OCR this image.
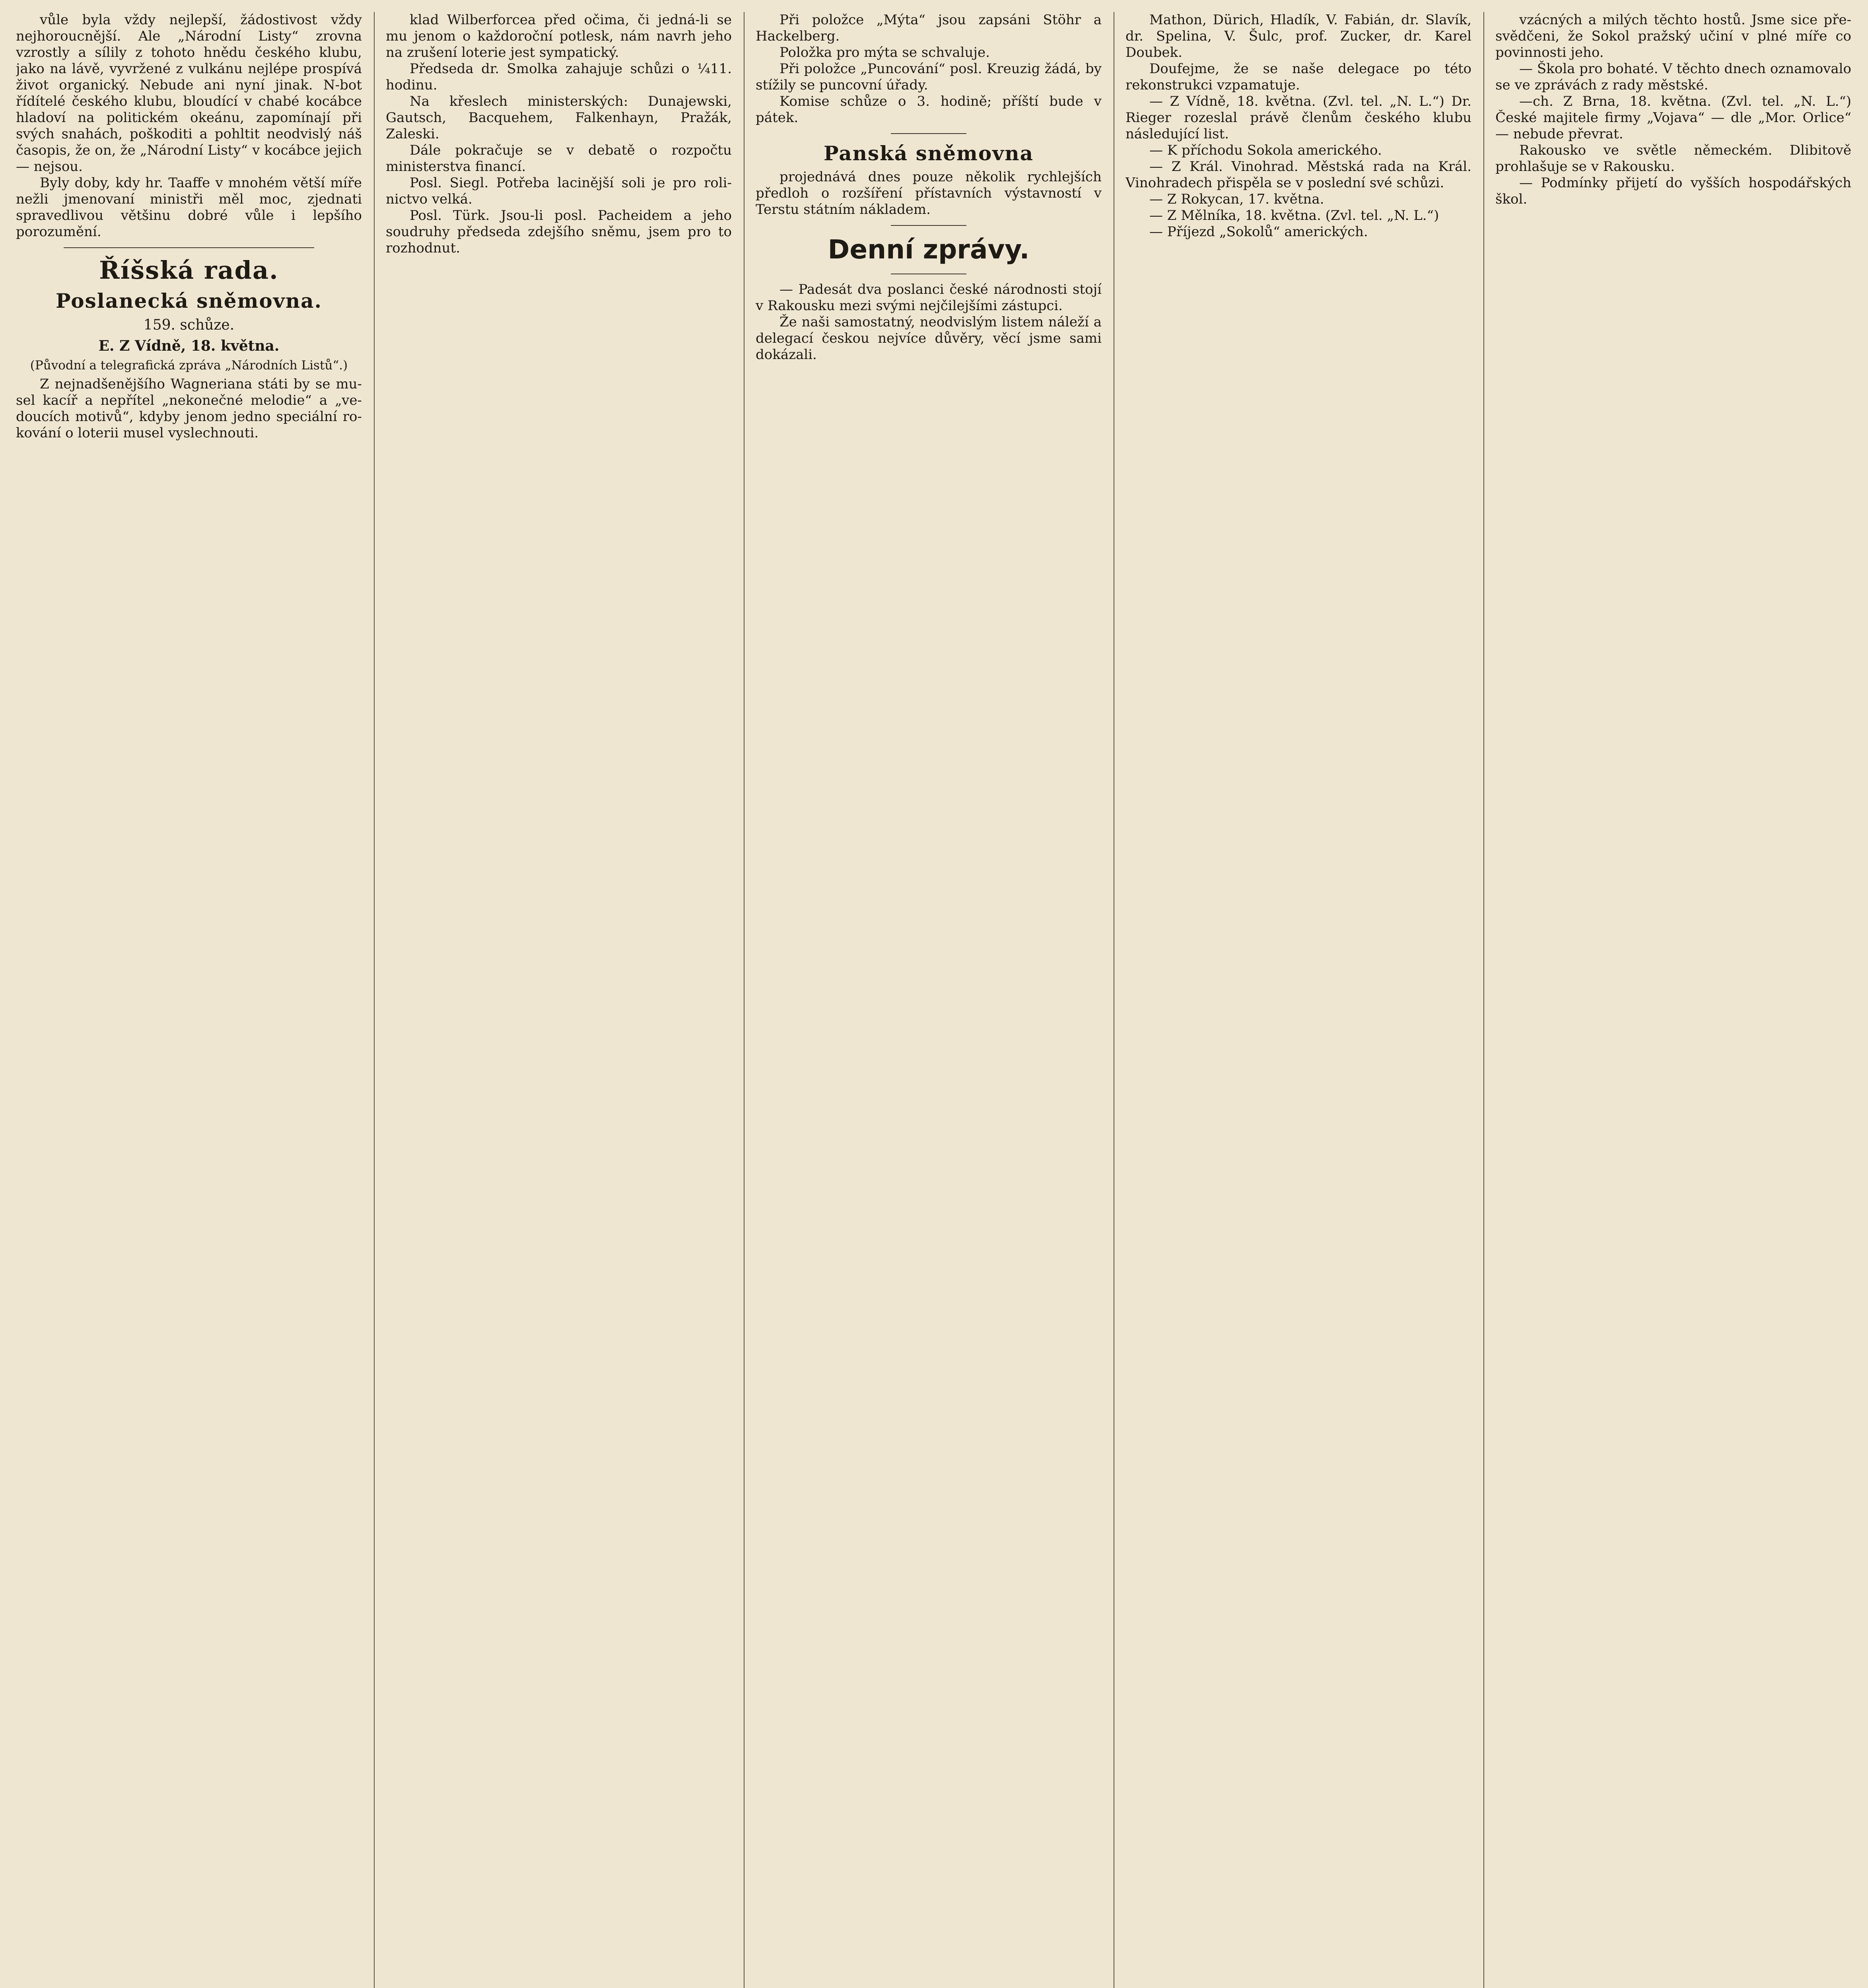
vůle byla vždy nejlepší, žádostivost vždy nejhoroucnější. Ale „Národní Listy“ zrovna vzrostly a sílily z tohoto hnědu českého klubu, jako na lávě, vyvržené z vulkánu nejlépe prospívá život organický. Nebude ani nyní jinak. N-bot řídítelé českého klubu, bloudící v chabé kocábce hladoví na politickém okeánu, zapomínají při svých snahách, poškoditi a pohltit neodvislý náš časopis, že on, že „Národní Listy“ v kocábce jejich — nejsou.

Byly doby, kdy hr. Taaffe v mnohém větší míře nežli jmenovaní ministři měl moc, zjednati spravedlivou většinu dobré vůle i lepšího porozumění.

Říšská rada.

Poslanecká sněmovna.

159. schůze.

E. Z Vídně, 18. května.

(Původní a telegrafická zpráva „Národních Listů“.)

Z nejnadšenějšího Wagneriana státi by se musel kacíř a nepřítel „nekonečné melodie“ a „vedoucích motivů“, kdyby jenom jedno speciální rokování o loterii musel vyslechnouti.

klad Wilberforcea před očima, či jedná-li se mu jenom o každoroční potlesk, nám navrh jeho na zrušení loterie jest sympatický.

Předseda dr. Smolka zahajuje schůzi o ¼11. hodinu.

Na křeslech ministerských: Dunajewski, Gautsch, Bacquehem, Falkenhayn, Pražák, Zaleski.

Dále pokračuje se v debatě o rozpočtu ministerstva financí.

Posl. Siegl. Potřeba lacinější soli je pro rolinictvo velká.

Posl. Türk. Jsou-li posl. Pacheidem a jeho soudruhy předseda zdejšího sněmu, jsem pro to rozhodnut.

Při položce „Mýta“ jsou zapsáni Stöhr a Hackelberg.

Položka pro mýta se schvaluje.

Při položce „Puncování“ posl. Kreuzig žádá, by stížily se puncovní úřady.

Komise schůze o 3. hodině; příští bude v pátek.

Panská sněmovna

projednává dnes pouze několik rychlejších předloh o rozšíření přístavních výstavností v Terstu státním nákladem.

Denní zprávy.

— Padesát dva poslanci české národnosti stojí v Rakousku mezi svými nejčilejšími zástupci.

Že naši samostatný, neodvislým listem náleží a delegací českou nejvíce důvěry, věcí jsme sami dokázali.

Mathon, Dürich, Hladík, V. Fabián, dr. Slavík, dr. Spelina, V. Šulc, prof. Zucker, dr. Karel Doubek.

Doufejme, že se naše delegace po této rekonstrukci vzpamatuje.

— Z Vídně, 18. května. (Zvl. tel. „N. L.“) Dr. Rieger rozeslal právě členům českého klubu následující list.

— K příchodu Sokola amerického.

— Z Král. Vinohrad. Městská rada na Král. Vinohradech přispěla se v poslední své schůzi.

— Z Rokycan, 17. května.

— Z Mělníka, 18. května. (Zvl. tel. „N. L.“)

— Příjezd „Sokolů“ amerických.

vzácných a milých těchto hostů. Jsme sice přesvědčeni, že Sokol pražský učiní v plné míře co povinnosti jeho.

— Škola pro bohaté. V těchto dnech oznamovalo se ve zprávách z rady městské.

—ch. Z Brna, 18. května. (Zvl. tel. „N. L.“) České majitele firmy „Vojava“ — dle „Mor. Orlice“ — nebude převrat.

Rakousko ve světle německém. Dlibitově prohlašuje se v Rakousku.

— Podmínky přijetí do vyšších hospodářských škol.
